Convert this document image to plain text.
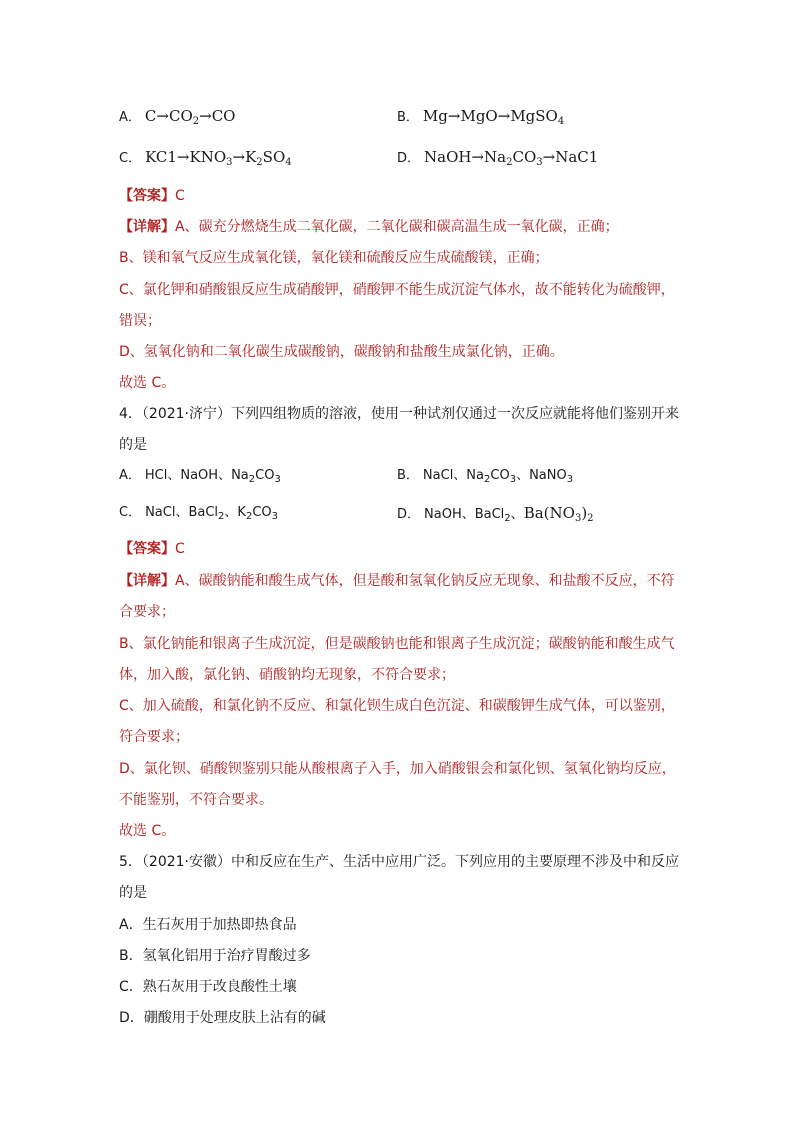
A． $C\to CO_2\to CO$	B． Mg→MgO→MgSO$_4$
C． $KC1\to KNO_3\to K_2SO_4$	D． $NaOH\to Na_2CO_3\to NaC1$
【答案】C
【详解】A、碳充分燃烧生成二氧化碳，二氧化碳和碳高温生成一氧化碳，正确；
B、镁和氧气反应生成氧化镁，氧化镁和硫酸反应生成硫酸镁，正确；
C、氯化钾和硝酸银反应生成硝酸钾，硝酸钾不能生成沉淀气体水，故不能转化为硫酸钾，
错误；
D、氢氧化钠和二氧化碳生成碳酸钠，碳酸钠和盐酸生成氯化钠，正确。
故选 C。
4．（2021·济宁）下列四组物质的溶液，使用一种试剂仅通过一次反应就能将他们鉴别开来
的是
A． HCl、NaOH、$Na_2CO_3$	B． NaCl、$Na_2CO_3$、NaNO$_3$
C． NaCl、BaCl$_2$、$K_2CO_3$	D． NaOH、BaCl$_2$、$Ba(NO_3)_2$
【答案】C
【详解】A、碳酸钠能和酸生成气体，但是酸和氢氧化钠反应无现象、和盐酸不反应，不符
合要求；
B、氯化钠能和银离子生成沉淀，但是碳酸钠也能和银离子生成沉淀；碳酸钠能和酸生成气
体，加入酸，氯化钠、硝酸钠均无现象，不符合要求；
C、加入硫酸，和氯化钠不反应、和氯化钡生成白色沉淀、和碳酸钾生成气体，可以鉴别，
符合要求；
D、氯化钡、硝酸钡鉴别只能从酸根离子入手，加入硝酸银会和氯化钡、氢氧化钠均反应，
不能鉴别，不符合要求。
故选 C。
5．（2021·安徽）中和反应在生产、生活中应用广泛。下列应用的主要原理不涉及中和反应
的是
A．生石灰用于加热即热食品
B．氢氧化铝用于治疗胃酸过多
C．熟石灰用于改良酸性土壤
D．硼酸用于处理皮肤上沾有的碱
